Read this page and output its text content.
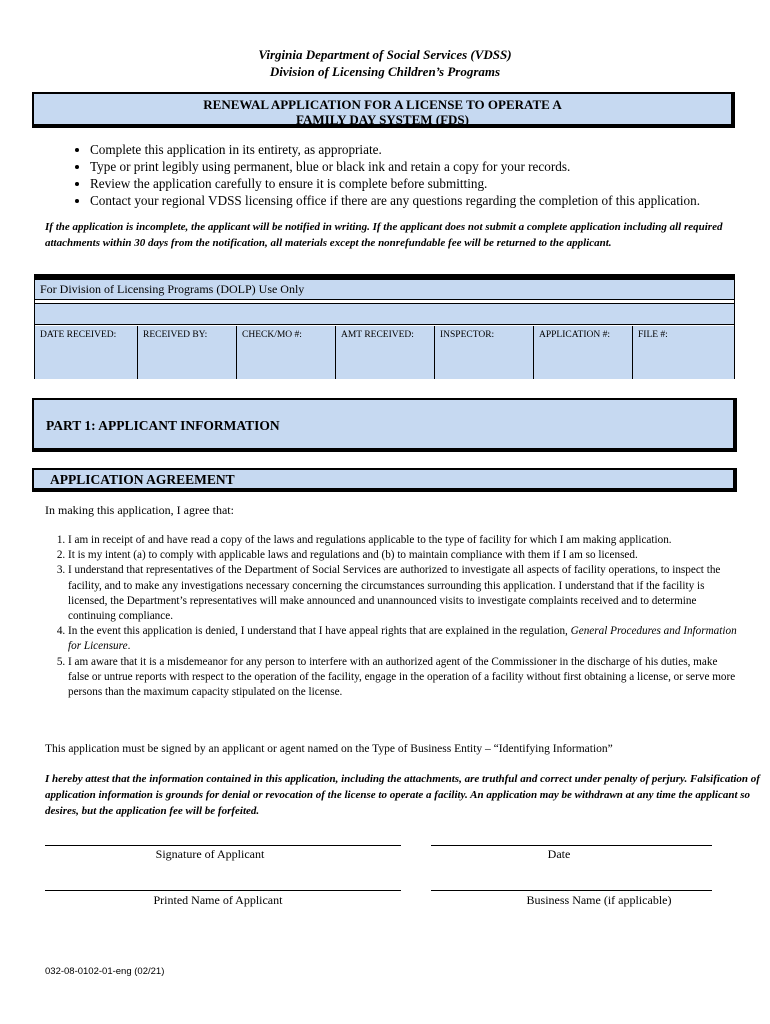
Virginia Department of Social Services (VDSS)
Division of Licensing Children’s Programs
RENEWAL APPLICATION FOR A LICENSE TO OPERATE A
FAMILY DAY SYSTEM (FDS)
• Complete this application in its entirety, as appropriate.
• Type or print legibly using permanent, blue or black ink and retain a copy for your records.
• Review the application carefully to ensure it is complete before submitting.
• Contact your regional VDSS licensing office if there are any questions regarding the completion of this application.
If the application is incomplete, the applicant will be notified in writing. If the applicant does not submit a complete application including all required attachments within 30 days from the notification, all materials except the nonrefundable fee will be returned to the applicant.
For Division of Licensing Programs (DOLP) Use Only
DATE RECEIVED:	RECEIVED BY:	CHECK/MO #:	AMT RECEIVED:	INSPECTOR:	APPLICATION #:	FILE #:
PART 1: APPLICANT INFORMATION
APPLICATION AGREEMENT
In making this application, I agree that:
1. I am in receipt of and have read a copy of the laws and regulations applicable to the type of facility for which I am making application.
2. It is my intent (a) to comply with applicable laws and regulations and (b) to maintain compliance with them if I am so licensed.
3. I understand that representatives of the Department of Social Services are authorized to investigate all aspects of facility operations, to inspect the facility, and to make any investigations necessary concerning the circumstances surrounding this application. I understand that if the facility is licensed, the Department’s representatives will make announced and unannounced visits to investigate complaints received and to determine continuing compliance.
4. In the event this application is denied, I understand that I have appeal rights that are explained in the regulation, General Procedures and Information for Licensure.
5. I am aware that it is a misdemeanor for any person to interfere with an authorized agent of the Commissioner in the discharge of his duties, make false or untrue reports with respect to the operation of the facility, engage in the operation of a facility without first obtaining a license, or serve more persons than the maximum capacity stipulated on the license.
This application must be signed by an applicant or agent named on the Type of Business Entity – “Identifying Information”
I hereby attest that the information contained in this application, including the attachments, are truthful and correct under penalty of perjury. Falsification of application information is grounds for denial or revocation of the license to operate a facility. An application may be withdrawn at any time the applicant so desires, but the application fee will be forfeited.
Signature of Applicant	Date
Printed Name of Applicant	Business Name (if applicable)
032-08-0102-01-eng (02/21)
